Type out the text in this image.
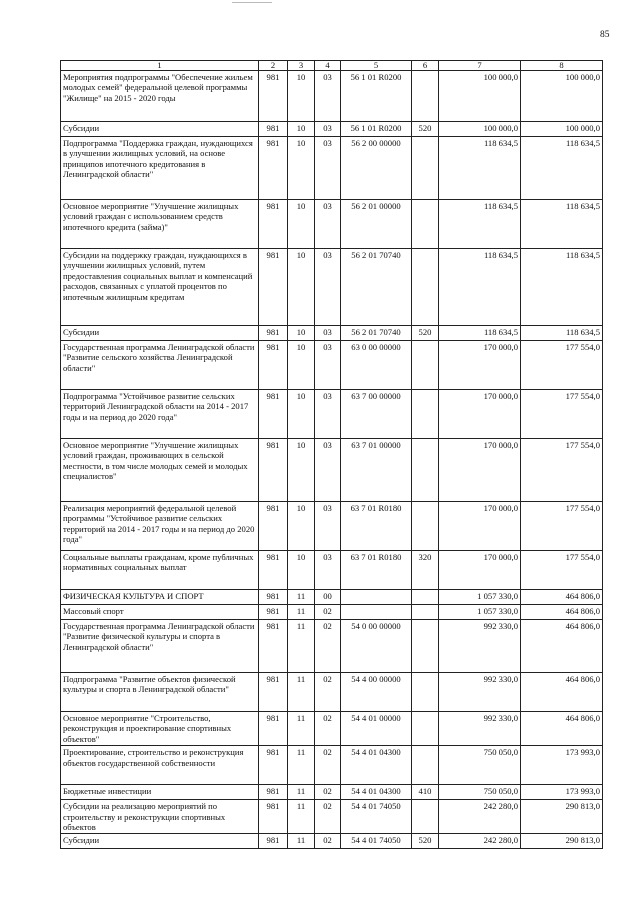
85
1	2	3	4	5	6	7	8
Мероприятия подпрограммы "Обеспечение жильем молодых семей" федеральной целевой программы "Жилище" на 2015 - 2020 годы	981	10	03	56 1 01 R0200		100 000,0	100 000,0
Субсидии	981	10	03	56 1 01 R0200	520	100 000,0	100 000,0
Подпрограмма "Поддержка граждан, нуждающихся в улучшении жилищных условий, на основе принципов ипотечного кредитования в Ленинградской области"	981	10	03	56 2 00 00000		118 634,5	118 634,5
Основное мероприятие "Улучшение жилищных условий граждан с использованием средств ипотечного кредита (займа)"	981	10	03	56 2 01 00000		118 634,5	118 634,5
Субсидии на поддержку граждан, нуждающихся в улучшении жилищных условий, путем предоставления социальных выплат и компенсаций расходов, связанных с уплатой процентов по ипотечным жилищным кредитам	981	10	03	56 2 01 70740		118 634,5	118 634,5
Субсидии	981	10	03	56 2 01 70740	520	118 634,5	118 634,5
Государственная программа Ленинградской области "Развитие сельского хозяйства Ленинградской области"	981	10	03	63 0 00 00000		170 000,0	177 554,0
Подпрограмма "Устойчивое развитие сельских территорий Ленинградской области на 2014 - 2017 годы и на период до 2020 года"	981	10	03	63 7 00 00000		170 000,0	177 554,0
Основное мероприятие "Улучшение жилищных условий граждан, проживающих в сельской местности, в том числе молодых семей и молодых специалистов"	981	10	03	63 7 01 00000		170 000,0	177 554,0
Реализация мероприятий федеральной целевой программы "Устойчивое развитие сельских территорий на 2014 - 2017 годы и на период до 2020 года"	981	10	03	63 7 01 R0180		170 000,0	177 554,0
Социальные выплаты гражданам, кроме публичных нормативных социальных выплат	981	10	03	63 7 01 R0180	320	170 000,0	177 554,0
ФИЗИЧЕСКАЯ КУЛЬТУРА И СПОРТ	981	11	00			1 057 330,0	464 806,0
Массовый спорт	981	11	02			1 057 330,0	464 806,0
Государственная программа Ленинградской области "Развитие физической культуры и спорта в Ленинградской области"	981	11	02	54 0 00 00000		992 330,0	464 806,0
Подпрограмма "Развитие объектов физической культуры и спорта в Ленинградской области"	981	11	02	54 4 00 00000		992 330,0	464 806,0
Основное мероприятие "Строительство, реконструкция и проектирование спортивных объектов"	981	11	02	54 4 01 00000		992 330,0	464 806,0
Проектирование, строительство и реконструкция объектов государственной собственности	981	11	02	54 4 01 04300		750 050,0	173 993,0
Бюджетные инвестиции	981	11	02	54 4 01 04300	410	750 050,0	173 993,0
Субсидии на реализацию мероприятий по строительству и реконструкции спортивных объектов	981	11	02	54 4 01 74050		242 280,0	290 813,0
Субсидии	981	11	02	54 4 01 74050	520	242 280,0	290 813,0
